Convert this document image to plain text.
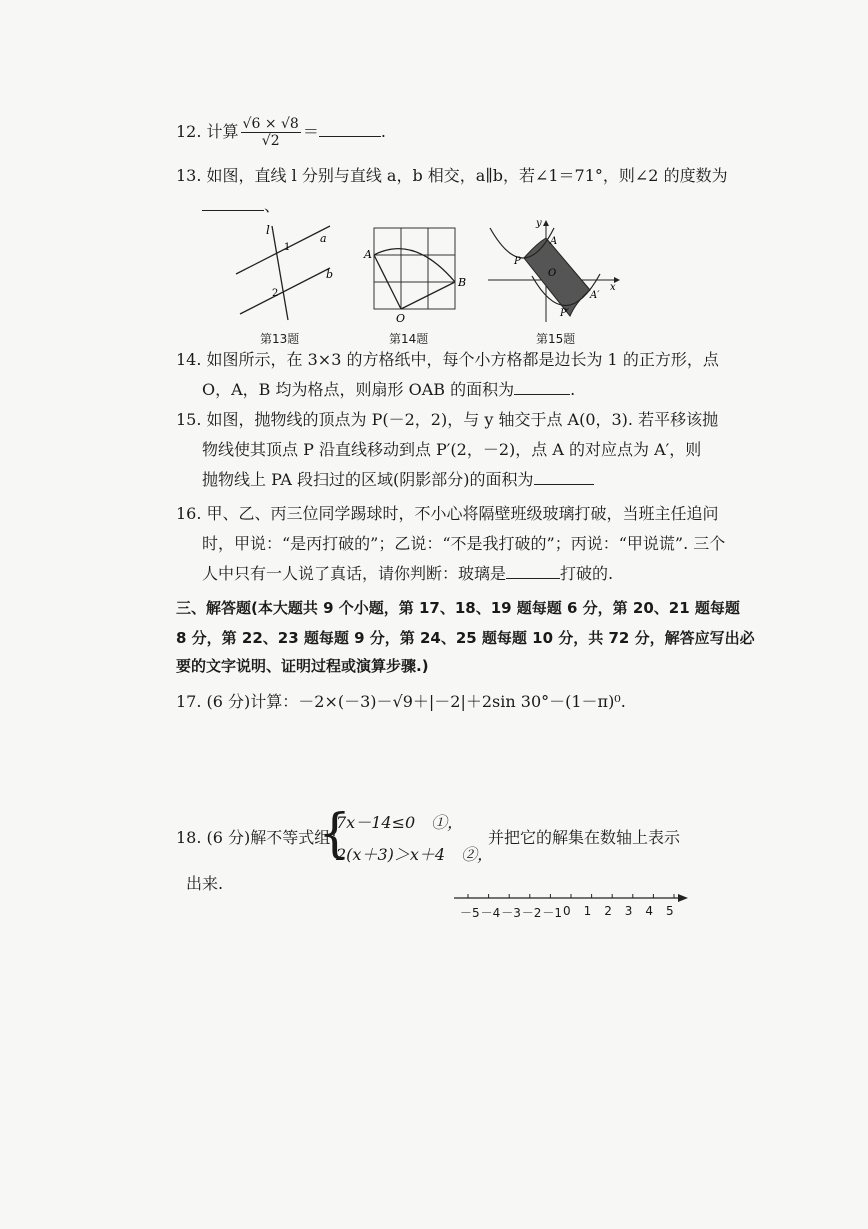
12. 计算 $\frac{√6 \times √8}{√2}$ ＝	.
13. 如图，直线 l 分别与直线 a，b 相交，a∥b，若∠1＝71°，则∠2 的度数为
、
l
a
b
1
2
第13题
A
B
O
第14题
y
x
A
P
O
A′
P′
第15题
14. 如图所示，在 3×3 的方格纸中，每个小方格都是边长为 1 的正方形，点
O，A，B 均为格点，则扇形 OAB 的面积为	.
15. 如图，抛物线的顶点为 P(－2，2)，与 y 轴交于点 A(0，3). 若平移该抛
物线使其顶点 P 沿直线移动到点 P′(2，－2)，点 A 的对应点为 A′，则
抛物线上 PA 段扫过的区域(阴影部分)的面积为
16. 甲、乙、丙三位同学踢球时，不小心将隔壁班级玻璃打破，当班主任追问
时，甲说：“是丙打破的”；乙说：“不是我打破的”；丙说：“甲说谎”. 三个
人中只有一人说了真话，请你判断：玻璃是	打破的.
三、解答题(本大题共 9 个小题，第 17、18、19 题每题 6 分，第 20、21 题每题
8 分，第 22、23 题每题 9 分，第 24、25 题每题 10 分，共 72 分，解答应写出必
要的文字说明、证明过程或演算步骤.)
17. (6 分)计算：－2×(－3)－√9＋|－2|＋2sin 30°－(1－π)⁰.
18. (6 分)解不等式组：
{
7x－14≤0　①，
2(x＋3)＞x＋4　②，
并把它的解集在数轴上表示
出来.
－5 －4 －3 －2 －1 0 1 2 3 4 5
